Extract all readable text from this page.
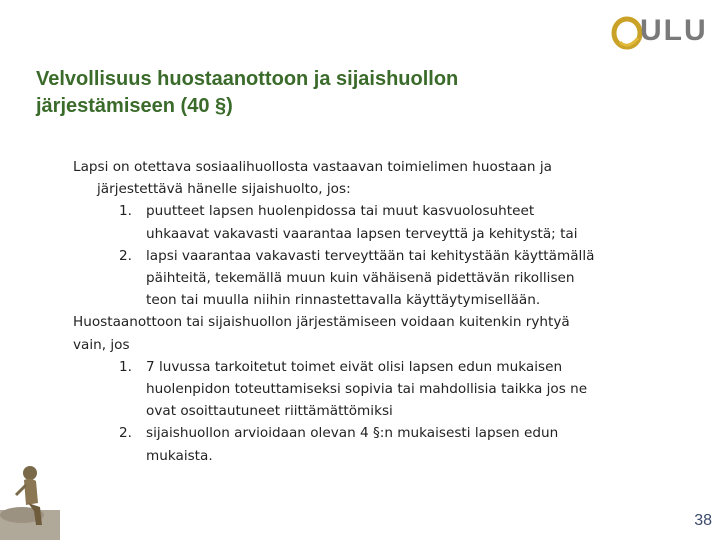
ULU
Velvollisuus huostaanottoon ja sijaishuollon
järjestämiseen (40 §)

Lapsi on otettava sosiaalihuollosta vastaavan toimielimen huostaan ja
järjestettävä hänelle sijaishuolto, jos:

1. puutteet lapsen huolenpidossa tai muut kasvuolosuhteet
uhkaavat vakavasti vaarantaa lapsen terveyttä ja kehitystä; tai
2. lapsi vaarantaa vakavasti terveyttään tai kehitystään käyttämällä
päihteitä, tekemällä muun kuin vähäisenä pidettävän rikollisen
teon tai muulla niihin rinnastettavalla käyttäytymisellään.

Huostaanottoon tai sijaishuollon järjestämiseen voidaan kuitenkin ryhtyä
vain, jos

1. 7 luvussa tarkoitetut toimet eivät olisi lapsen edun mukaisen
huolenpidon toteuttamiseksi sopivia tai mahdollisia taikka jos ne
ovat osoittautuneet riittämättömiksi
2. sijaishuollon arvioidaan olevan 4 §:n mukaisesti lapsen edun
mukaista.
38
